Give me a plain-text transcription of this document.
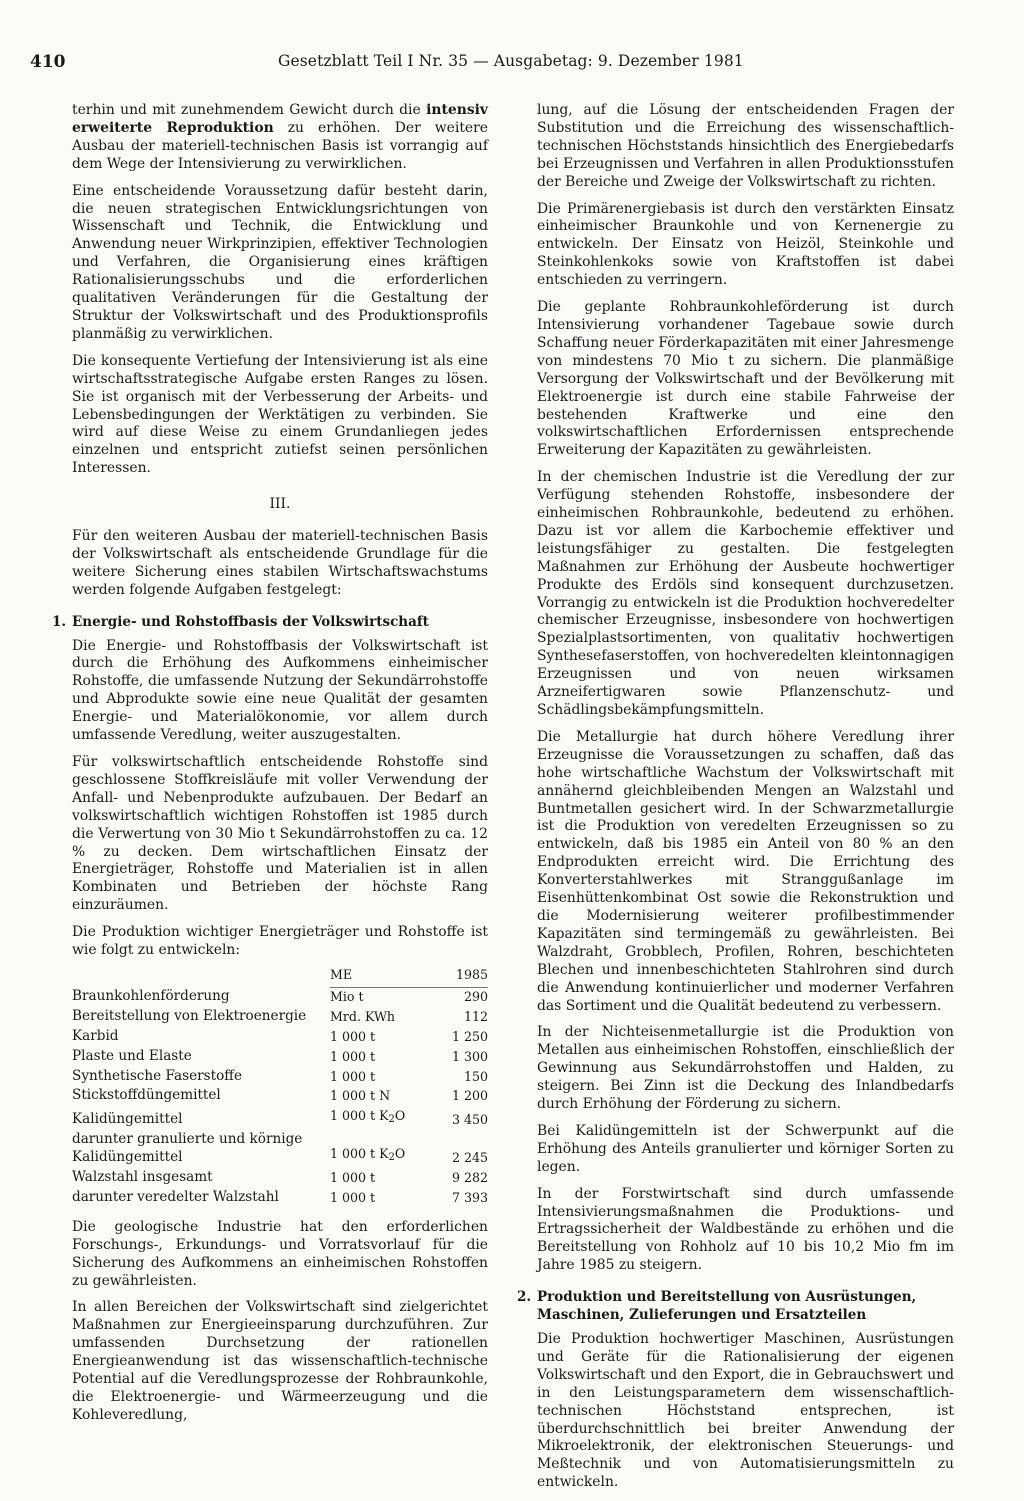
410	Gesetzblatt Teil I Nr. 35 — Ausgabetag: 9. Dezember 1981

terhin und mit zunehmendem Gewicht durch die intensiv erweiterte Reproduktion zu erhöhen. Der weitere Ausbau der materiell-technischen Basis ist vorrangig auf dem Wege der Intensivierung zu verwirklichen.

Eine entscheidende Voraussetzung dafür besteht darin, die neuen strategischen Entwicklungsrichtungen von Wissenschaft und Technik, die Entwicklung und Anwendung neuer Wirkprinzipien, effektiver Technologien und Verfahren, die Organisierung eines kräftigen Rationalisierungsschubs und die erforderlichen qualitativen Veränderungen für die Gestaltung der Struktur der Volkswirtschaft und des Produktionsprofils planmäßig zu verwirklichen.

Die konsequente Vertiefung der Intensivierung ist als eine wirtschaftsstrategische Aufgabe ersten Ranges zu lösen. Sie ist organisch mit der Verbesserung der Arbeits- und Lebensbedingungen der Werktätigen zu verbinden. Sie wird auf diese Weise zu einem Grundanliegen jedes einzelnen und entspricht zutiefst seinen persönlichen Interessen.

III.

Für den weiteren Ausbau der materiell-technischen Basis der Volkswirtschaft als entscheidende Grundlage für die weitere Sicherung eines stabilen Wirtschaftswachstums werden folgende Aufgaben festgelegt:

1. Energie- und Rohstoffbasis der Volkswirtschaft

Die Energie- und Rohstoffbasis der Volkswirtschaft ist durch die Erhöhung des Aufkommens einheimischer Rohstoffe, die umfassende Nutzung der Sekundärrohstoffe und Abprodukte sowie eine neue Qualität der gesamten Energie- und Materialökonomie, vor allem durch umfassende Veredlung, weiter auszugestalten.

Für volkswirtschaftlich entscheidende Rohstoffe sind geschlossene Stoffkreisläufe mit voller Verwendung der Anfall- und Nebenprodukte aufzubauen. Der Bedarf an volkswirtschaftlich wichtigen Rohstoffen ist 1985 durch die Verwertung von 30 Mio t Sekundärrohstoffen zu ca. 12 % zu decken. Dem wirtschaftlichen Einsatz der Energieträger, Rohstoffe und Materialien ist in allen Kombinaten und Betrieben der höchste Rang einzuräumen.

Die Produktion wichtiger Energieträger und Rohstoffe ist wie folgt zu entwickeln:

	ME	1985
Braunkohlenförderung	Mio t	290
Bereitstellung von Elektroenergie	Mrd. KWh	112
Karbid	1 000 t	1 250
Plaste und Elaste	1 000 t	1 300
Synthetische Faserstoffe	1 000 t	150
Stickstoffdüngemittel	1 000 t N	1 200
Kalidüngemittel	1 000 t $K_2O$	3 450
darunter granulierte und körnige Kalidüngemittel	1 000 t $K_2O$	2 245
Walzstahl insgesamt	1 000 t	9 282
darunter veredelter Walzstahl	1 000 t	7 393

Die geologische Industrie hat den erforderlichen Forschungs-, Erkundungs- und Vorratsvorlauf für die Sicherung des Aufkommens an einheimischen Rohstoffen zu gewährleisten.

In allen Bereichen der Volkswirtschaft sind zielgerichtet Maßnahmen zur Energieeinsparung durchzuführen. Zur umfassenden Durchsetzung der rationellen Energieanwendung ist das wissenschaftlich-technische Potential auf die Veredlungsprozesse der Rohbraunkohle, die Elektroenergie- und Wärmeerzeugung und die Kohleveredlung,

lung, auf die Lösung der entscheidenden Fragen der Substitution und die Erreichung des wissenschaftlich-technischen Höchststands hinsichtlich des Energiebedarfs bei Erzeugnissen und Verfahren in allen Produktionsstufen der Bereiche und Zweige der Volkswirtschaft zu richten.

Die Primärenergiebasis ist durch den verstärkten Einsatz einheimischer Braunkohle und von Kernenergie zu entwickeln. Der Einsatz von Heizöl, Steinkohle und Steinkohlenkoks sowie von Kraftstoffen ist dabei entschieden zu verringern.

Die geplante Rohbraunkohleförderung ist durch Intensivierung vorhandener Tagebaue sowie durch Schaffung neuer Förderkapazitäten mit einer Jahresmenge von mindestens 70 Mio t zu sichern. Die planmäßige Versorgung der Volkswirtschaft und der Bevölkerung mit Elektroenergie ist durch eine stabile Fahrweise der bestehenden Kraftwerke und eine den volkswirtschaftlichen Erfordernissen entsprechende Erweiterung der Kapazitäten zu gewährleisten.

In der chemischen Industrie ist die Veredlung der zur Verfügung stehenden Rohstoffe, insbesondere der einheimischen Rohbraunkohle, bedeutend zu erhöhen. Dazu ist vor allem die Karbochemie effektiver und leistungsfähiger zu gestalten. Die festgelegten Maßnahmen zur Erhöhung der Ausbeute hochwertiger Produkte des Erdöls sind konsequent durchzusetzen. Vorrangig zu entwickeln ist die Produktion hochveredelter chemischer Erzeugnisse, insbesondere von hochwertigen Spezialplastsortimenten, von qualitativ hochwertigen Synthesefaserstoffen, von hochveredelten kleintonnagigen Erzeugnissen und von neuen wirksamen Arzneifertigwaren sowie Pflanzenschutz- und Schädlingsbekämpfungsmitteln.

Die Metallurgie hat durch höhere Veredlung ihrer Erzeugnisse die Voraussetzungen zu schaffen, daß das hohe wirtschaftliche Wachstum der Volkswirtschaft mit annähernd gleichbleibenden Mengen an Walzstahl und Buntmetallen gesichert wird. In der Schwarzmetallurgie ist die Produktion von veredelten Erzeugnissen so zu entwickeln, daß bis 1985 ein Anteil von 80 % an den Endprodukten erreicht wird. Die Errichtung des Konverterstahlwerkes mit Stranggußanlage im Eisenhüttenkombinat Ost sowie die Rekonstruktion und die Modernisierung weiterer profilbestimmender Kapazitäten sind termingemäß zu gewährleisten. Bei Walzdraht, Grobblech, Profilen, Rohren, beschichteten Blechen und innenbeschichteten Stahlrohren sind durch die Anwendung kontinuierlicher und moderner Verfahren das Sortiment und die Qualität bedeutend zu verbessern.

In der Nichteisenmetallurgie ist die Produktion von Metallen aus einheimischen Rohstoffen, einschließlich der Gewinnung aus Sekundärrohstoffen und Halden, zu steigern. Bei Zinn ist die Deckung des Inlandbedarfs durch Erhöhung der Förderung zu sichern.

Bei Kalidüngemitteln ist der Schwerpunkt auf die Erhöhung des Anteils granulierter und körniger Sorten zu legen.

In der Forstwirtschaft sind durch umfassende Intensivierungsmaßnahmen die Produktions- und Ertragssicherheit der Waldbestände zu erhöhen und die Bereitstellung von Rohholz auf 10 bis 10,2 Mio fm im Jahre 1985 zu steigern.

2. Produktion und Bereitstellung von Ausrüstungen, Maschinen, Zulieferungen und Ersatzteilen

Die Produktion hochwertiger Maschinen, Ausrüstungen und Geräte für die Rationalisierung der eigenen Volkswirtschaft und den Export, die in Gebrauchswert und in den Leistungsparametern dem wissenschaftlich-technischen Höchststand entsprechen, ist überdurchschnittlich bei breiter Anwendung der Mikroelektronik, der elektronischen Steuerungs- und Meßtechnik und von Automatisierungsmitteln zu entwickeln.
